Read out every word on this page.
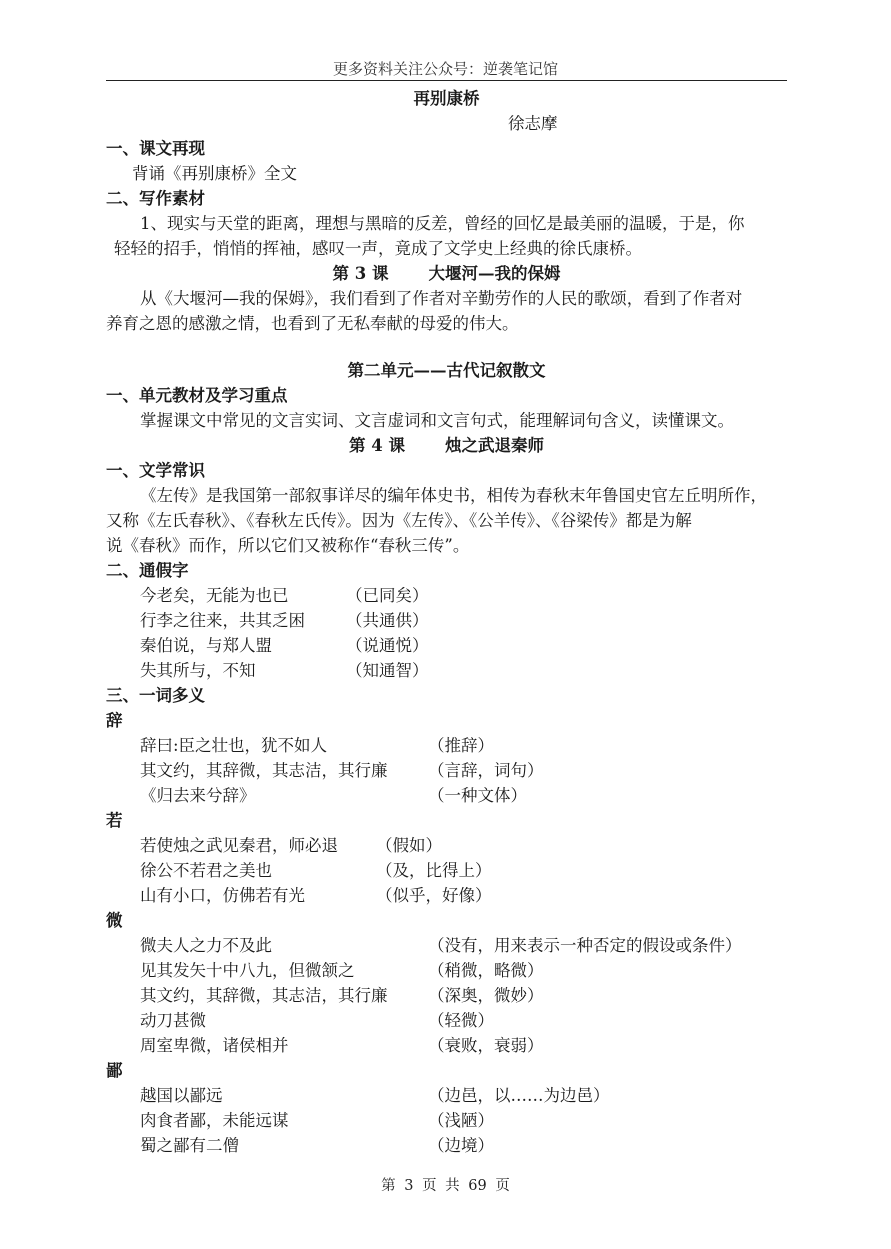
更多资料关注公众号：逆袭笔记馆
再别康桥
徐志摩
一、课文再现
背诵《再别康桥》全文
二、写作素材
1、现实与天堂的距离，理想与黑暗的反差，曾经的回忆是最美丽的温暖，于是，你
轻轻的招手，悄悄的挥袖，感叹一声，竟成了文学史上经典的徐氏康桥。
第 3 课 大堰河—我的保姆
从《大堰河—我的保姆》，我们看到了作者对辛勤劳作的人民的歌颂，看到了作者对
养育之恩的感激之情，也看到了无私奉献的母爱的伟大。
第二单元——古代记叙散文
一、单元教材及学习重点
掌握课文中常见的文言实词、文言虚词和文言句式，能理解词句含义，读懂课文。
第 4 课 烛之武退秦师
一、文学常识
《左传》是我国第一部叙事详尽的编年体史书，相传为春秋末年鲁国史官左丘明所作，
又称《左氏春秋》、《春秋左氏传》。因为《左传》、《公羊传》、《谷梁传》都是为解
说《春秋》而作，所以它们又被称作“春秋三传”。
二、通假字
今老矣，无能为也已	（已同矣）
行李之往来，共其乏困 （共通供）
秦伯说，与郑人盟	（说通悦）
失其所与，不知	（知通智）
三、一词多义
辞
辞曰:臣之壮也，犹不如人	（推辞）
其文约，其辞微，其志洁，其行廉 （言辞，词句）
《归去来兮辞》	（一种文体）
若
若使烛之武见秦君，师必退 （假如）
徐公不若君之美也	（及，比得上）
山有小口，仿佛若有光	（似乎，好像）
微
微夫人之力不及此	（没有，用来表示一种否定的假设或条件）
见其发矢十中八九，但微颔之	（稍微，略微）
其文约，其辞微，其志洁，其行廉 （深奥，微妙）
动刀甚微	（轻微）
周室卑微，诸侯相并	（衰败，衰弱）
鄙
越国以鄙远	（边邑，以……为边邑）
肉食者鄙，未能远谋	（浅陋）
蜀之鄙有二僧	（边境）
第 3 页 共 69 页
